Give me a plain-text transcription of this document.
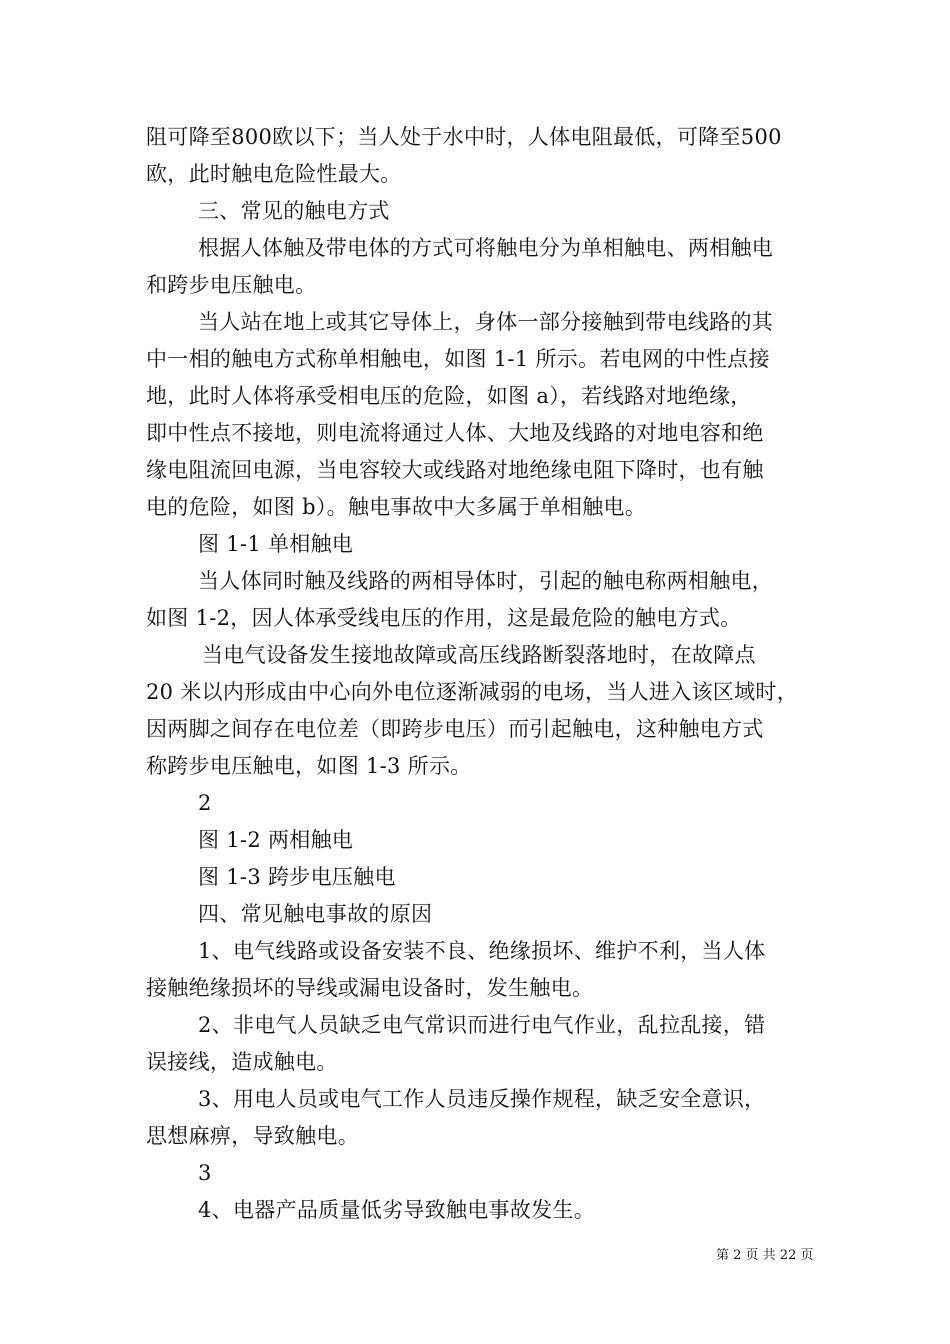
阻可降至800欧以下；当人处于水中时，人体电阻最低，可降至500
欧，此时触电危险性最大。
三、常见的触电方式
根据人体触及带电体的方式可将触电分为单相触电、两相触电
和跨步电压触电。
当人站在地上或其它导体上，身体一部分接触到带电线路的其
中一相的触电方式称单相触电，如图 1-1 所示。若电网的中性点接
地，此时人体将承受相电压的危险，如图 a），若线路对地绝缘，
即中性点不接地，则电流将通过人体、大地及线路的对地电容和绝
缘电阻流回电源，当电容较大或线路对地绝缘电阻下降时，也有触
电的危险，如图 b）。触电事故中大多属于单相触电。
图 1-1 单相触电
当人体同时触及线路的两相导体时，引起的触电称两相触电，
如图 1-2，因人体承受线电压的作用，这是最危险的触电方式。
当电气设备发生接地故障或高压线路断裂落地时，在故障点
20 米以内形成由中心向外电位逐渐减弱的电场，当人进入该区域时，
因两脚之间存在电位差（即跨步电压）而引起触电，这种触电方式
称跨步电压触电，如图 1-3 所示。
2
图 1-2 两相触电
图 1-3 跨步电压触电
四、常见触电事故的原因
1、电气线路或设备安装不良、绝缘损坏、维护不利，当人体
接触绝缘损坏的导线或漏电设备时，发生触电。
2、非电气人员缺乏电气常识而进行电气作业，乱拉乱接，错
误接线，造成触电。
3、用电人员或电气工作人员违反操作规程，缺乏安全意识，
思想麻痹，导致触电。
3
4、电器产品质量低劣导致触电事故发生。
第 2 页 共 22 页
